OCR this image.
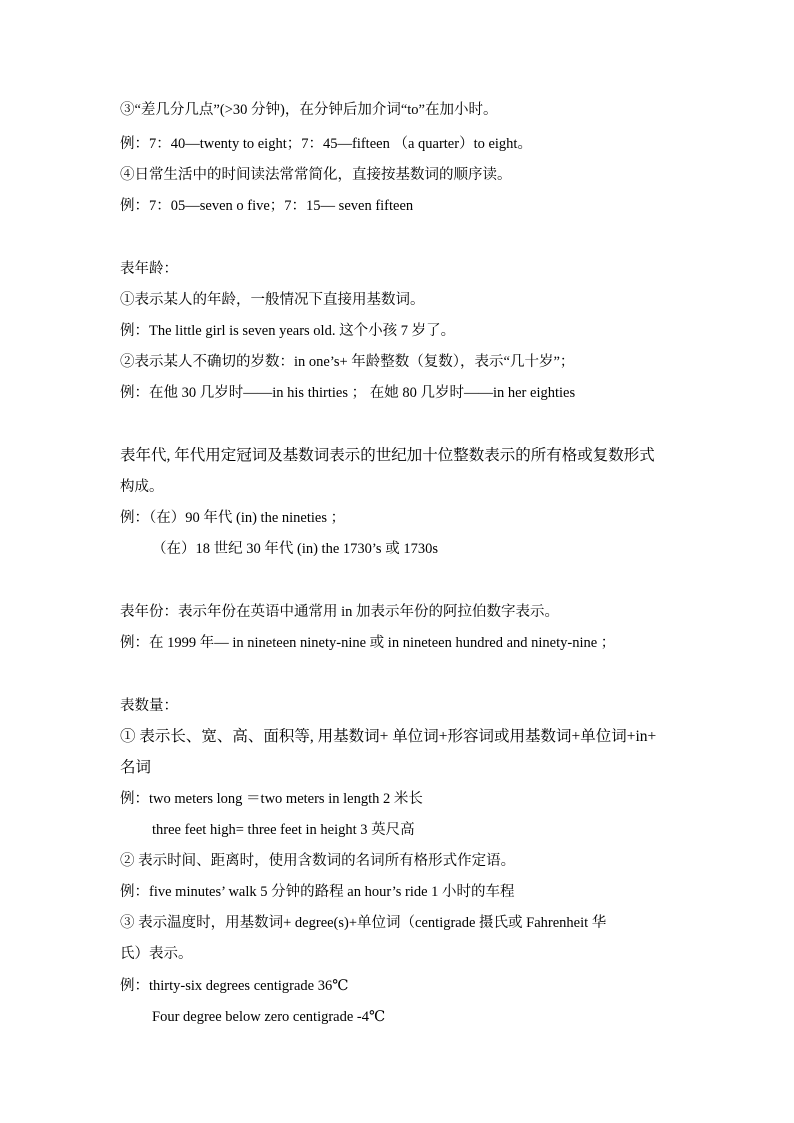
③“差几分几点”(>30 分钟)，在分钟后加介词“to”在加小时。
例：7：40—twenty to eight；7：45—fifteen （a quarter）to eight。
④日常生活中的时间读法常常简化，直接按基数词的顺序读。
例：7：05—seven o five；7：15— seven fifteen
表年龄：
①表示某人的年龄，一般情况下直接用基数词。
例：The little girl is seven years old. 这个小孩 7 岁了。
②表示某人不确切的岁数：in one’s+ 年龄整数（复数），表示“几十岁”；
例：在他 30 几岁时——in his thirties ； 在她 80 几岁时——in her eighties
表年代, 年代用定冠词及基数词表示的世纪加十位整数表示的所有格或复数形式
构成。
例：（在）90 年代 (in) the nineties ；
（在）18 世纪 30 年代 (in) the 1730’s 或 1730s
表年份：表示年份在英语中通常用 in 加表示年份的阿拉伯数字表示。
例：在 1999 年— in nineteen ninety-nine 或 in nineteen hundred and ninety-nine ；
表数量：
① 表示长、宽、高、面积等, 用基数词+ 单位词+形容词或用基数词+单位词+in+
名词
例：two meters long ＝two meters in length 2 米长
three feet high= three feet in height 3 英尺高
② 表示时间、距离时，使用含数词的名词所有格形式作定语。
例：five minutes’ walk 5 分钟的路程 an hour’s ride 1 小时的车程
③ 表示温度时，用基数词+ degree(s)+单位词（centigrade 摄氏或 Fahrenheit 华
氏）表示。
例：thirty-six degrees centigrade 36℃
Four degree below zero centigrade -4℃
